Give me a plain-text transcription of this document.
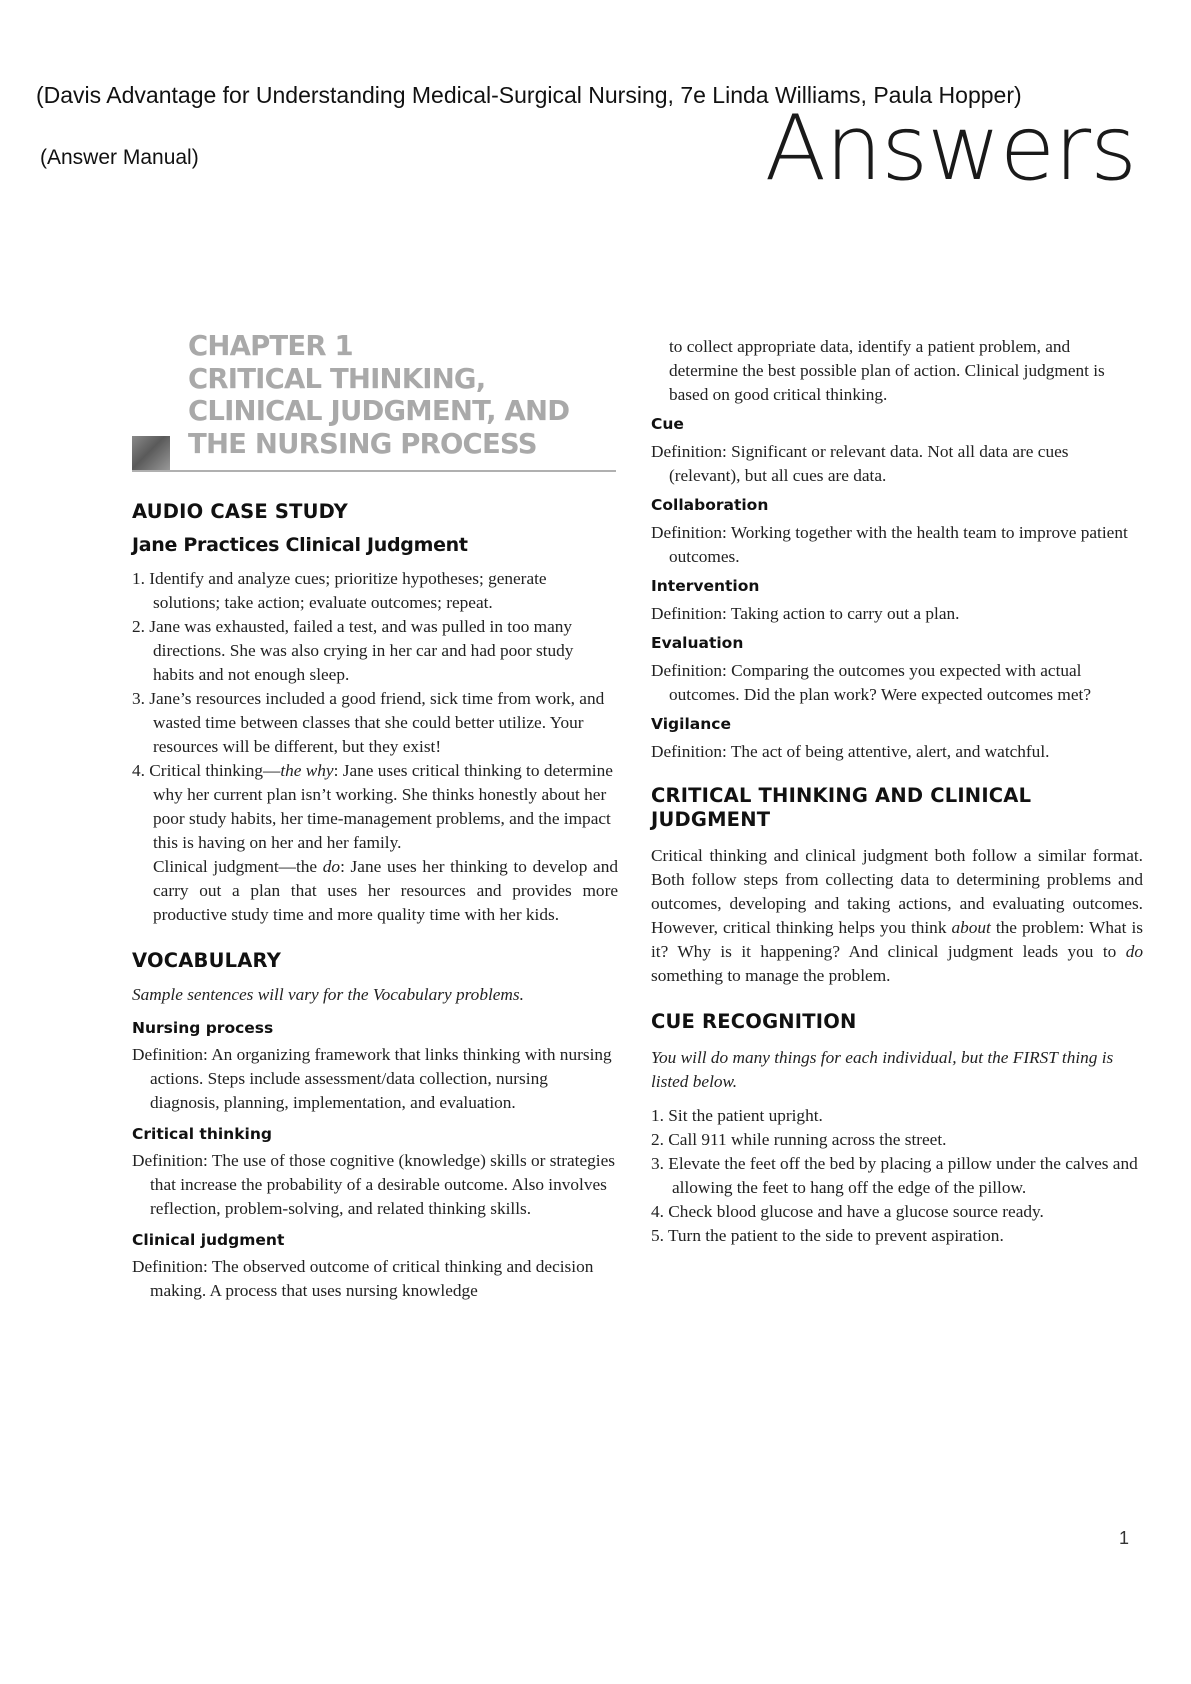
(Davis Advantage for Understanding Medical-Surgical Nursing, 7e Linda Williams, Paula Hopper)
(Answer Manual)	Answers
CHAPTER 1
CRITICAL THINKING,
CLINICAL JUDGMENT, AND
THE NURSING PROCESS
AUDIO CASE STUDY
Jane Practices Clinical Judgment

1. Identify and analyze cues; prioritize hypotheses; generate solutions; take action; evaluate outcomes; repeat.

2. Jane was exhausted, failed a test, and was pulled in too many directions. She was also crying in her car and had poor study habits and not enough sleep.

3. Jane’s resources included a good friend, sick time from work, and wasted time between classes that she could better utilize. Your resources will be different, but they exist!

4. Critical thinking—the why: Jane uses critical thinking to determine why her current plan isn’t working. She thinks honestly about her poor study habits, her time-management problems, and the impact this is having on her and her family.

Clinical judgment—the do: Jane uses her thinking to develop and carry out a plan that uses her resources and provides more productive study time and more quality time with her kids.

VOCABULARY

Sample sentences will vary for the Vocabulary problems.

Nursing process

Definition: An organizing framework that links thinking with nursing actions. Steps include assessment/data collection, nursing diagnosis, planning, implementation, and evaluation.

Critical thinking

Definition: The use of those cognitive (knowledge) skills or strategies that increase the probability of a desirable outcome. Also involves reflection, problem-solving, and related thinking skills.

Clinical judgment

Definition: The observed outcome of critical thinking and decision making. A process that uses nursing knowledge

to collect appropriate data, identify a patient problem, and determine the best possible plan of action. Clinical judgment is based on good critical thinking.

Cue

Definition: Significant or relevant data. Not all data are cues (relevant), but all cues are data.

Collaboration

Definition: Working together with the health team to improve patient outcomes.

Intervention

Definition: Taking action to carry out a plan.

Evaluation

Definition: Comparing the outcomes you expected with actual outcomes. Did the plan work? Were expected outcomes met?

Vigilance

Definition: The act of being attentive, alert, and watchful.

CRITICAL THINKING AND CLINICAL JUDGMENT

Critical thinking and clinical judgment both follow a similar format. Both follow steps from collecting data to determining problems and outcomes, developing and taking actions, and evaluating outcomes. However, critical thinking helps you think about the problem: What is it? Why is it happening? And clinical judgment leads you to do something to manage the problem.

CUE RECOGNITION

You will do many things for each individual, but the FIRST thing is listed below.

1. Sit the patient upright.

2. Call 911 while running across the street.

3. Elevate the feet off the bed by placing a pillow under the calves and allowing the feet to hang off the edge of the pillow.

4. Check blood glucose and have a glucose source ready.

5. Turn the patient to the side to prevent aspiration.

1
